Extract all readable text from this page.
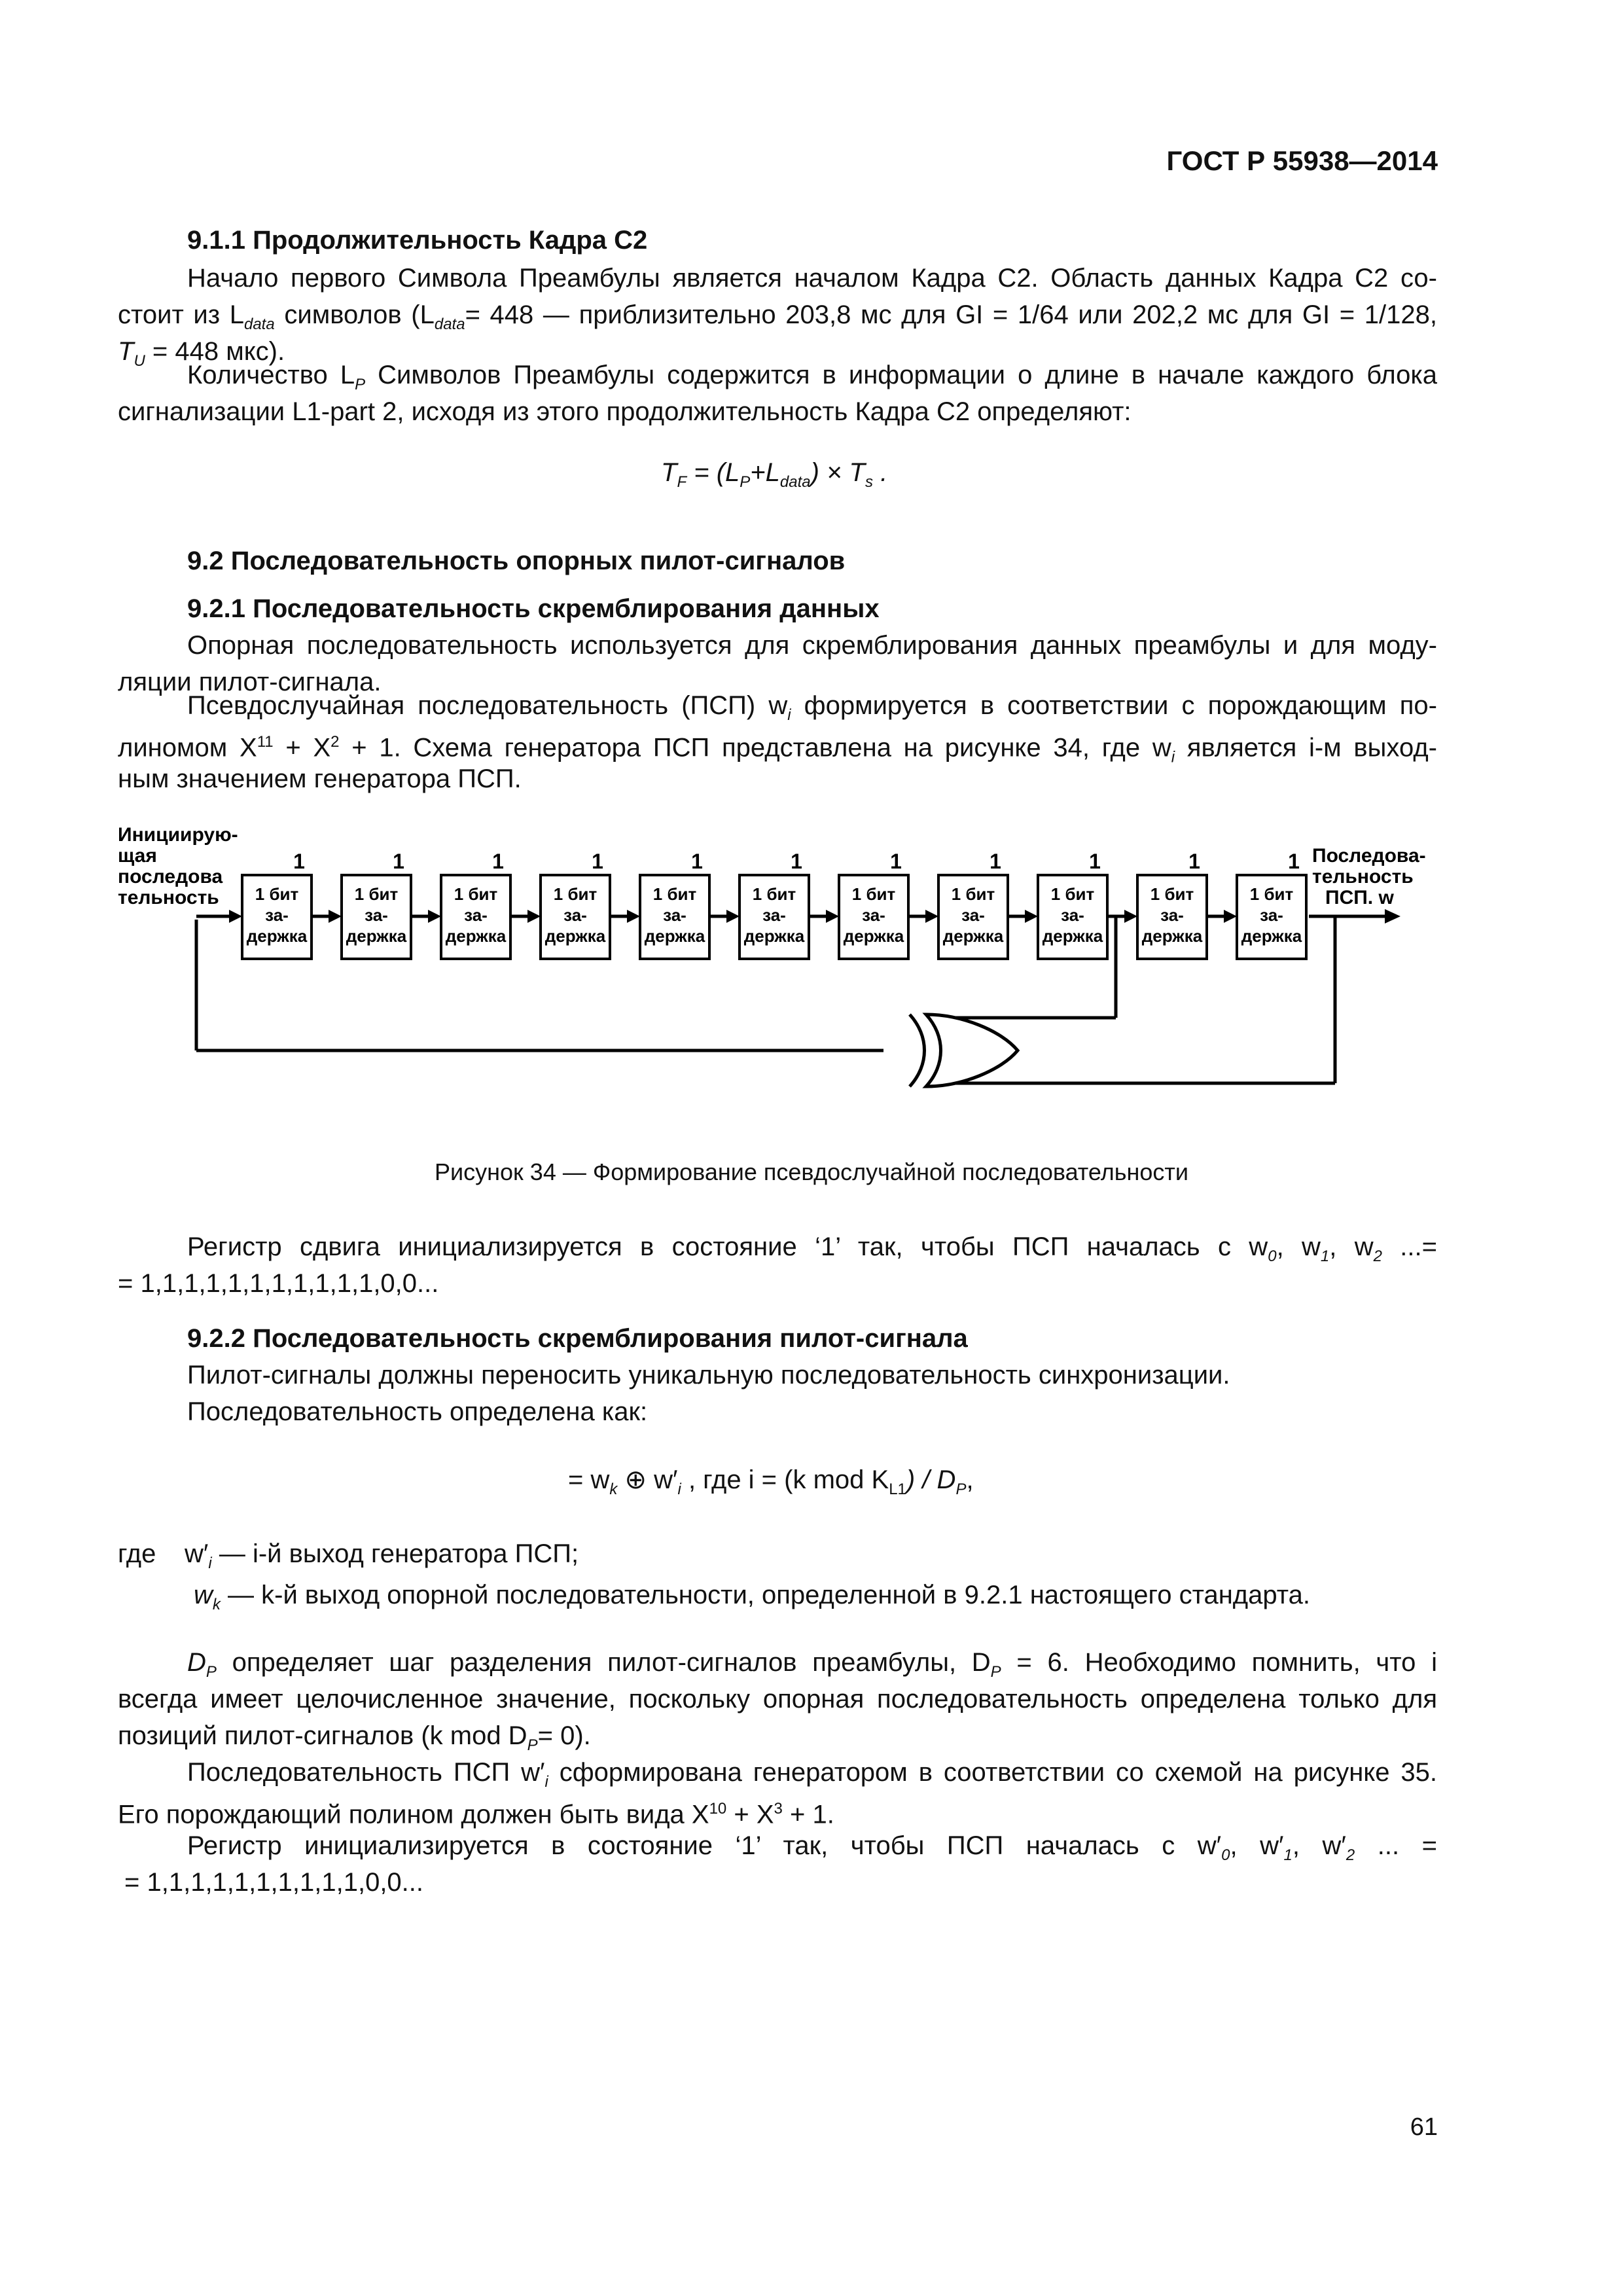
ГОСТ Р 55938—2014
9.1.1 Продолжительность Кадра C2
Начало первого Символа Преамбулы является началом Кадра C2. Область данных Кадра C2 со-
стоит из $L_{data}$ символов ($L_{data}= 448$ — приблизительно 203,8 мс для GI = 1/64 или 202,2 мс для GI = 1/128,
$T_U = 448$ мкс).
Количество $L_P$ Символов Преамбулы содержится в информации о длине в начале каждого блока
сигнализации L1-part 2, исходя из этого продолжительность Кадра C2 определяют:
$T_F = (L_P+L_{data}) \times T_s$ .
9.2 Последовательность опорных пилот-сигналов
9.2.1 Последовательность скремблирования данных
Опорная последовательность используется для скремблирования данных преамбулы и для моду-
ляции пилот-сигнала.
Псевдослучайная последовательность (ПСП) $w_i$ формируется в соответствии с порождающим по-
линомом $X^{11} + X^2 + 1$. Схема генератора ПСП представлена на рисунке 34, где $w_i$ является i-м выход-
ным значением генератора ПСП.
1 бит
за-
держка
1
1 бит
за-
держка
1
1 бит
за-
держка
1
1 бит
за-
держка
1
1 бит
за-
держка
1
1 бит
за-
держка
1
1 бит
за-
держка
1
1 бит
за-
держка
1
1 бит
за-
держка
1
1 бит
за-
держка
1
1 бит
за-
держка
1
Инициирую-
щая
последова
тельность
Последова-
тельность
ПСП. w
Рисунок 34 — Формирование псевдослучайной последовательности
Регистр сдвига инициализируется в состояние ‘1’ так, чтобы ПСП началась с $w_0$, $w_1$, $w_2$ ...=
= 1,1,1,1,1,1,1,1,1,1,1,0,0...
9.2.2 Последовательность скремблирования пилот-сигнала
Пилот-сигналы должны переносить уникальную последовательность синхронизации.
Последовательность определена как:
= $w_k$ ⊕ $w'_i$ , где i = (k mod $K_{L1}) / D_P$,
где $w'_i$ — i-й выход генератора ПСП;
$w_k$ — k-й выход опорной последовательности, определенной в 9.2.1 настоящего стандарта.
$D_P$ определяет шаг разделения пилот-сигналов преамбулы, $D_P = 6$. Необходимо помнить, что i
всегда имеет целочисленное значение, поскольку опорная последовательность определена только для
позиций пилот-сигналов (k mod $D_P= 0$).
Последовательность ПСП $w'_i$ сформирована генератором в соответствии со схемой на рисунке 35.
Его порождающий полином должен быть вида $X^{10} + X^3 + 1$.
Регистр инициализируется в состояние ‘1’ так, чтобы ПСП началась с $w'_0$, $w'_1$, $w'_2$ ... =
= 1,1,1,1,1,1,1,1,1,1,0,0...
61
